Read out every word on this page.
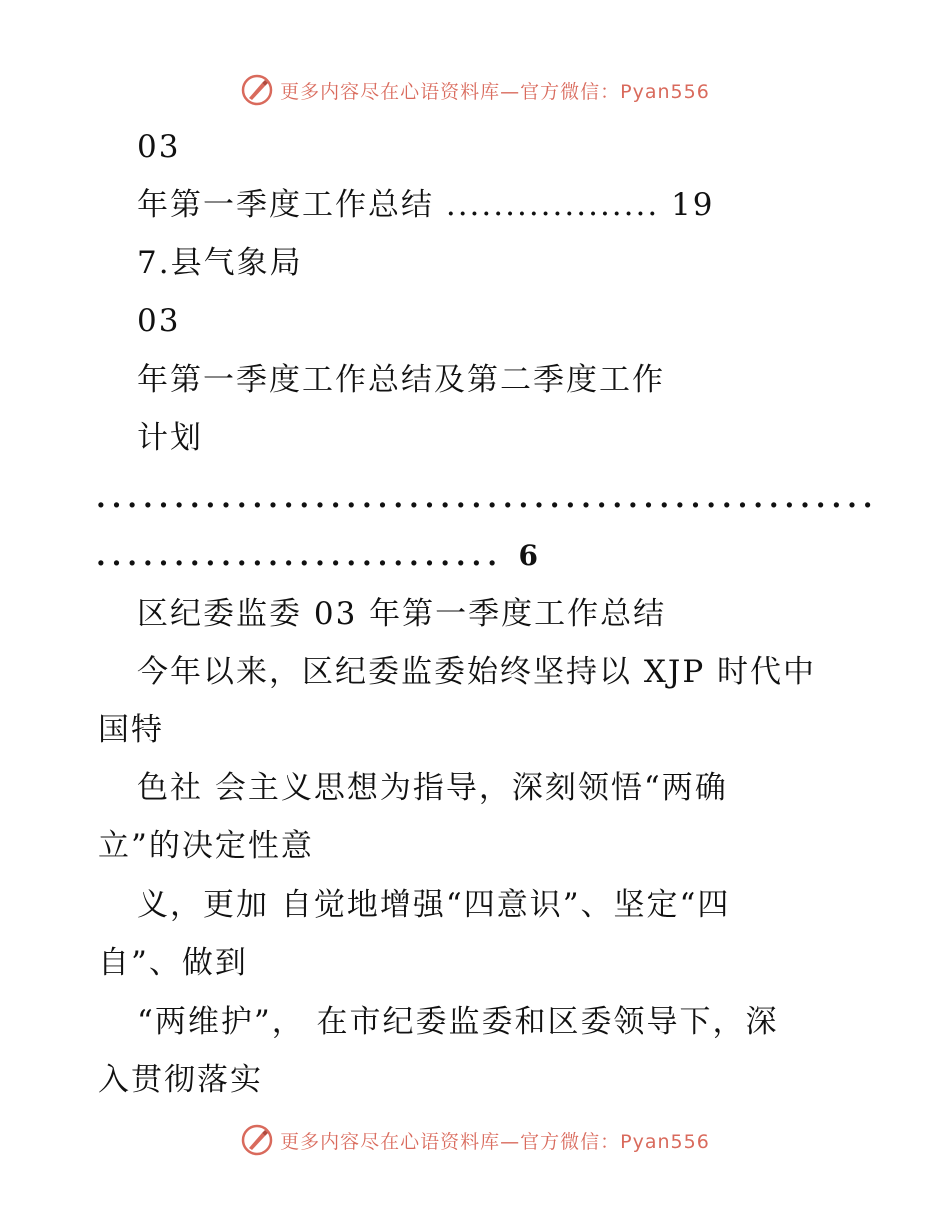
更多内容尽在心语资料库—官方微信：Pyan556
03
年第一季度工作总结 .................. 19
7.县气象局
03
年第一季度工作总结及第二季度工作
计划
..................................................
.......................... 6
区纪委监委 03 年第一季度工作总结
今年以来，区纪委监委始终坚持以 XJP 时代中
国特
色社 会主义思想为指导，深刻领悟“两确
立”的决定性意
义，更加 自觉地增强“四意识”、坚定“四
自”、做到
“两维护”， 在市纪委监委和区委领导下，深
入贯彻落实
更多内容尽在心语资料库—官方微信：Pyan556
